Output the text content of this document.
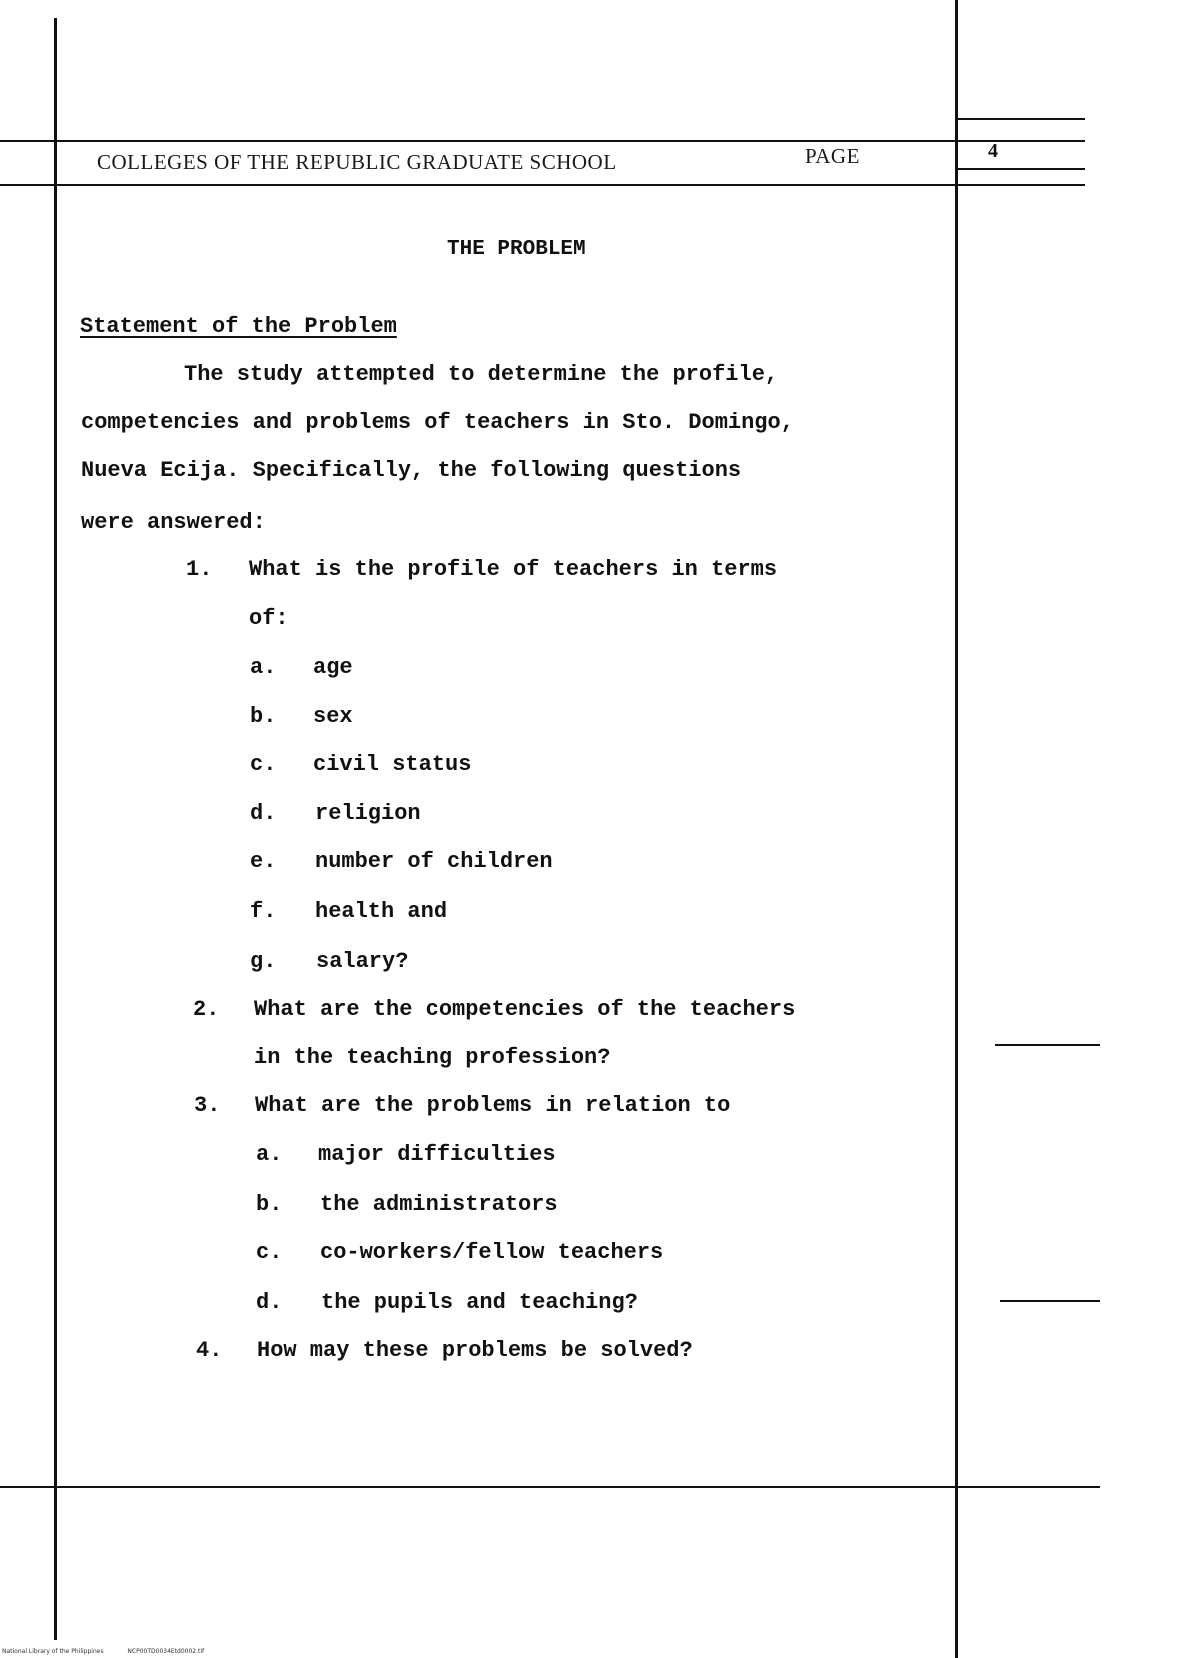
COLLEGES OF THE REPUBLIC GRADUATE SCHOOL	PAGE	4
THE PROBLEM
Statement of the Problem
The study attempted to determine the profile,
competencies and problems of teachers in Sto. Domingo,
Nueva Ecija. Specifically, the following questions
were answered:
1. What is the profile of teachers in terms
of:
a. age
b. sex
c. civil status
d. religion
e. number of children
f. health and
g. salary?
2. What are the competencies of the teachers
in the teaching profession?
3. What are the problems in relation to
a. major difficulties
b. the administrators
c. co-workers/fellow teachers
d. the pupils and teaching?
4. How may these problems be solved?
National Library of the Philippines	NCP00TD0034Etd0002.tif
